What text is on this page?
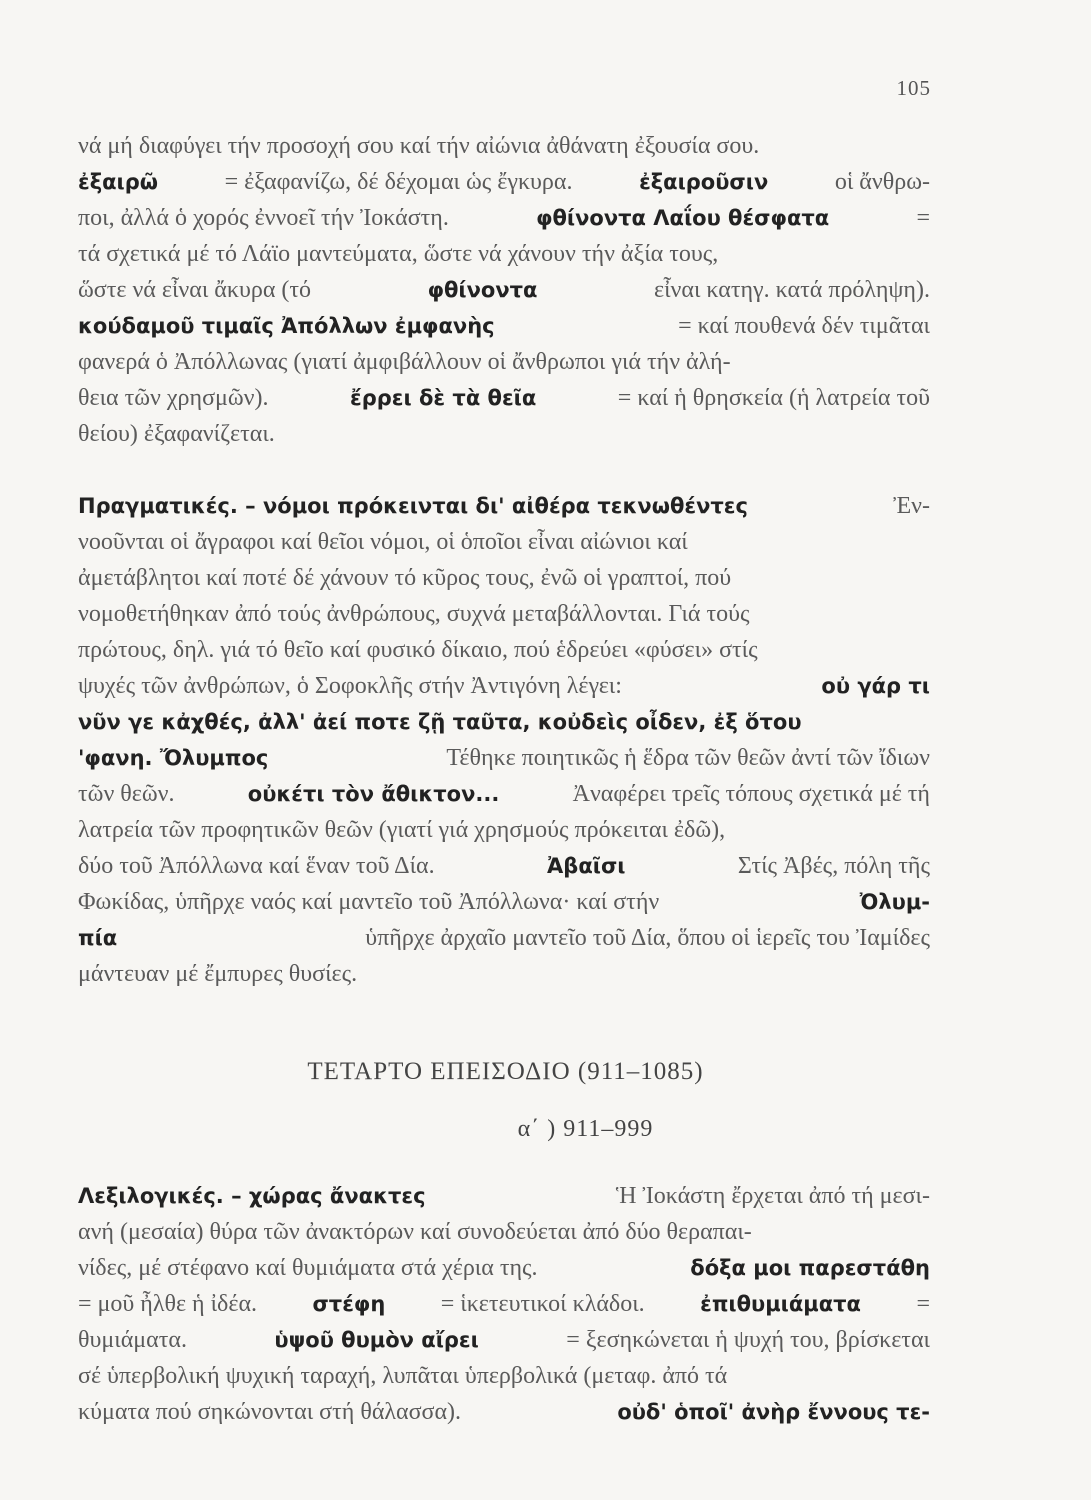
105
νά μή διαφύγει τήν προσοχή σου καί τήν αἰώνια ἀθάνατη ἐξουσία σου.
ἐξαιρῶ	= ἐξαφανίζω, δέ δέχομαι ὡς ἔγκυρα.	ἐξαιροῦσιν	οἱ ἄνθρω-
ποι, ἀλλά ὁ χορός ἐννοεῖ τήν Ἰοκάστη.	φθίνοντα Λαΐου θέσφατα	=
τά σχετικά μέ τό Λάϊο μαντεύματα, ὥστε νά χάνουν τήν ἀξία τους,
ὥστε νά εἶναι ἄκυρα (τό	φθίνοντα	εἶναι κατηγ. κατά πρόληψη).
κούδαμοῦ τιμαῖς Ἀπόλλων ἐμφανὴς	= καί πουθενά δέν τιμᾶται
φανερά ὁ Ἀπόλλωνας (γιατί ἀμφιβάλλουν οἱ ἄνθρωποι γιά τήν ἀλή-
θεια τῶν χρησμῶν).	ἔρρει δὲ τὰ θεῖα	= καί ἡ θρησκεία (ἡ λατρεία τοῦ
θείου) ἐξαφανίζεται.
Πραγματικές. – νόμοι πρόκεινται δι' αἰθέρα τεκνωθέντες	Ἐν-
νοοῦνται οἱ ἄγραφοι καί θεῖοι νόμοι, οἱ ὁποῖοι εἶναι αἰώνιοι καί
ἀμετάβλητοι καί ποτέ δέ χάνουν τό κῦρος τους, ἐνῶ οἱ γραπτοί, πού
νομοθετήθηκαν ἀπό τούς ἀνθρώπους, συχνά μεταβάλλονται. Γιά τούς
πρώτους, δηλ. γιά τό θεῖο καί φυσικό δίκαιο, πού ἑδρεύει «φύσει» στίς
ψυχές τῶν ἀνθρώπων, ὁ Σοφοκλῆς στήν Ἀντιγόνη λέγει:	οὐ γάρ τι
νῦν γε κἀχθές, ἀλλ' ἀεί ποτε ζῇ ταῦτα, κοὐδεὶς οἶδεν, ἐξ ὅτου
'φανη. Ὄλυμπος	Τέθηκε ποιητικῶς ἡ ἕδρα τῶν θεῶν ἀντί τῶν ἴδιων
τῶν θεῶν.	οὐκέτι τὸν ἄθικτον...	Ἀναφέρει τρεῖς τόπους σχετικά μέ τή
λατρεία τῶν προφητικῶν θεῶν (γιατί γιά χρησμούς πρόκειται ἐδῶ),
δύο τοῦ Ἀπόλλωνα καί ἕναν τοῦ Δία.	Ἀβαῖσι	Στίς Ἀβές, πόλη τῆς
Φωκίδας, ὑπῆρχε ναός καί μαντεῖο τοῦ Ἀπόλλωνα· καί στήν	Ὀλυμ-
πία	ὑπῆρχε ἀρχαῖο μαντεῖο τοῦ Δία, ὅπου οἱ ἱερεῖς του Ἰαμίδες
μάντευαν μέ ἔμπυρες θυσίες.
ΤΕΤΑΡΤΟ ΕΠΕΙΣΟΔΙΟ (911–1085)
α΄ ) 911–999
Λεξιλογικές. – χώρας ἄνακτες	Ἡ Ἰοκάστη ἔρχεται ἀπό τή μεσι-
ανή (μεσαία) θύρα τῶν ἀνακτόρων καί συνοδεύεται ἀπό δύο θεραπαι-
νίδες, μέ στέφανο καί θυμιάματα στά χέρια της.	δόξα μοι παρεστάθη
= μοῦ ἦλθε ἡ ἰδέα.	στέφη = ἱκετευτικοί κλάδοι.	ἐπιθυμιάματα =
θυμιάματα.	ὑψοῦ θυμὸν αἴρει	= ξεσηκώνεται ἡ ψυχή του, βρίσκεται
σέ ὑπερβολική ψυχική ταραχή, λυπᾶται ὑπερβολικά (μεταφ. ἀπό τά
κύματα πού σηκώνονται στή θάλασσα).	οὐδ' ὁποῖ' ἀνὴρ ἔννους τε-
